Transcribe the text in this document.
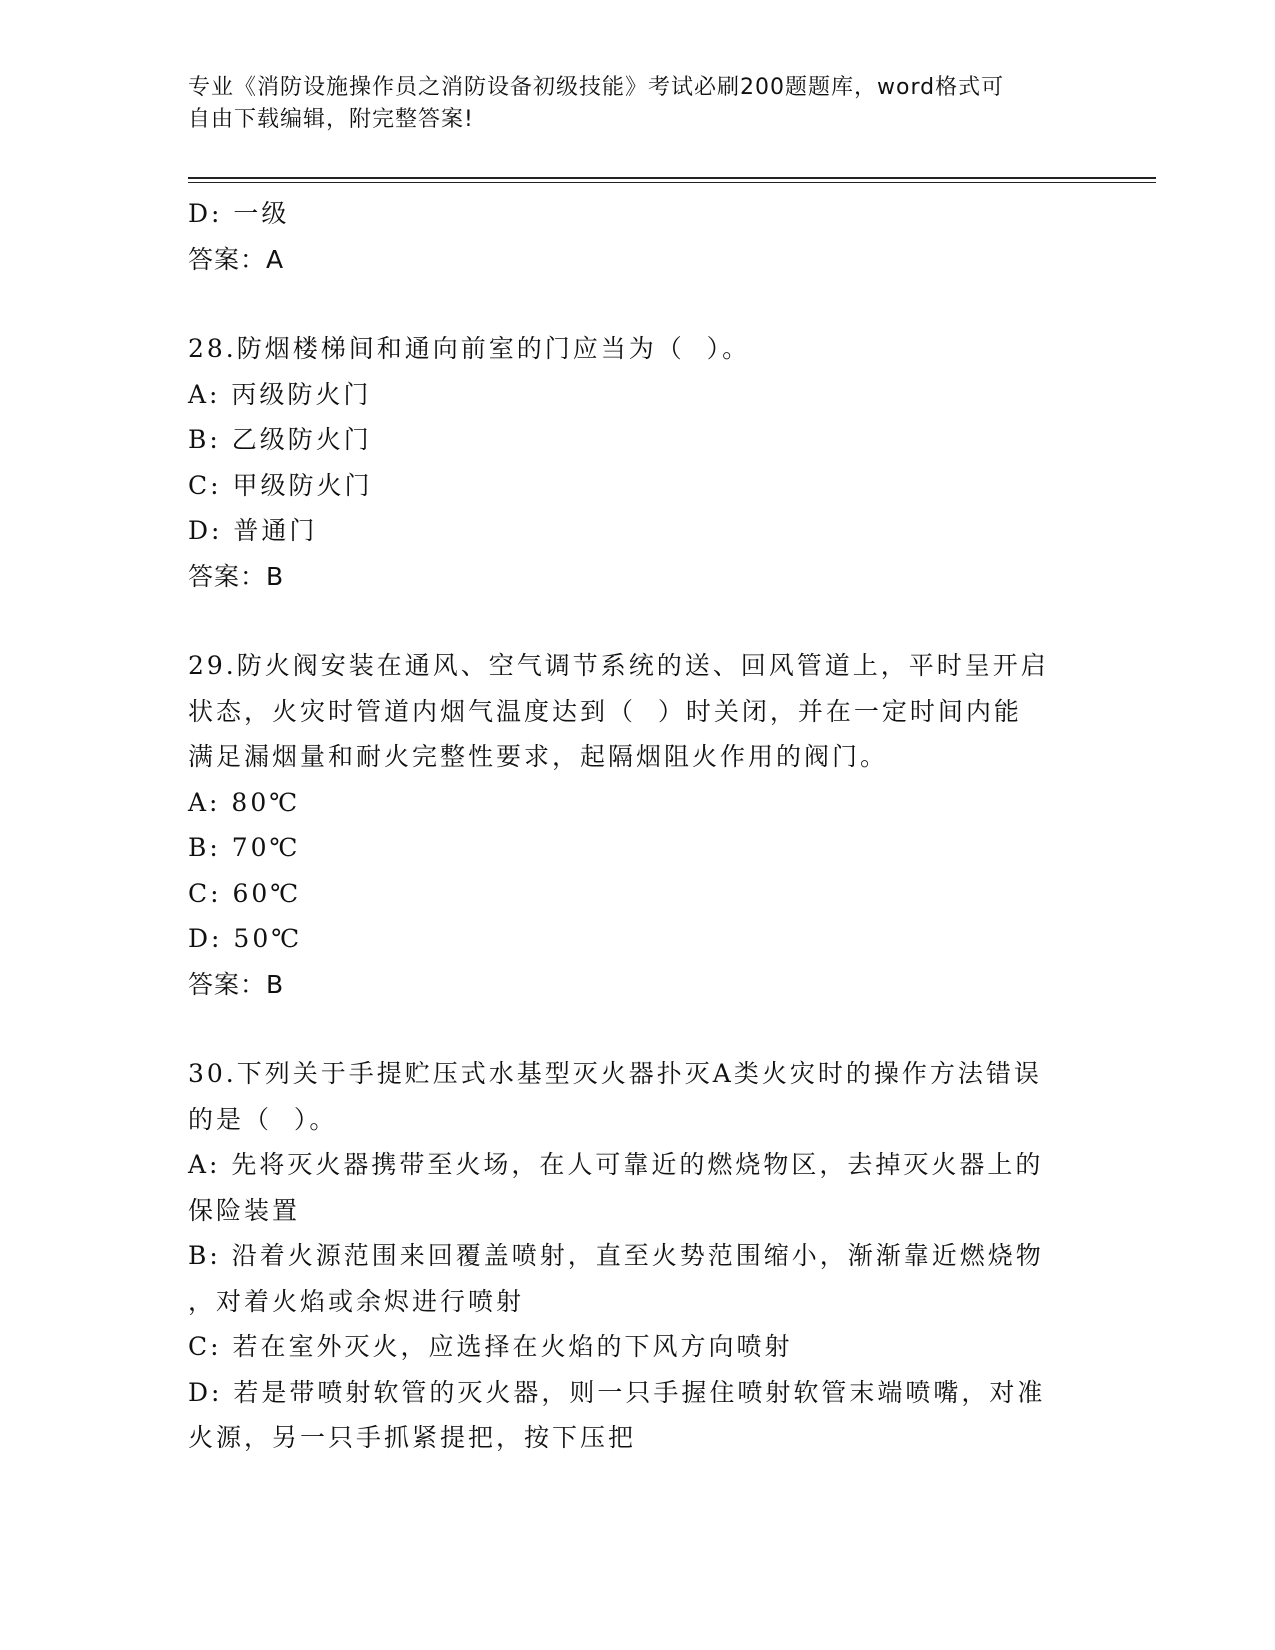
专业《消防设施操作员之消防设备初级技能》考试必刷200题题库，word格式可
自由下载编辑，附完整答案!
D: 一级
答案：A
28.防烟楼梯间和通向前室的门应当为（  ）。
A: 丙级防火门
B: 乙级防火门
C: 甲级防火门
D: 普通门
答案：B
29.防火阀安装在通风、空气调节系统的送、回风管道上，平时呈开启
状态，火灾时管道内烟气温度达到（  ）时关闭，并在一定时间内能
满足漏烟量和耐火完整性要求，起隔烟阻火作用的阀门。
A: 80℃
B: 70℃
C: 60℃
D: 50℃
答案：B
30.下列关于手提贮压式水基型灭火器扑灭A类火灾时的操作方法错误
的是（  ）。
A: 先将灭火器携带至火场，在人可靠近的燃烧物区，去掉灭火器上的
保险装置
B: 沿着火源范围来回覆盖喷射，直至火势范围缩小，渐渐靠近燃烧物
，对着火焰或余烬进行喷射
C: 若在室外灭火，应选择在火焰的下风方向喷射
D: 若是带喷射软管的灭火器，则一只手握住喷射软管末端喷嘴，对准
火源，另一只手抓紧提把，按下压把
